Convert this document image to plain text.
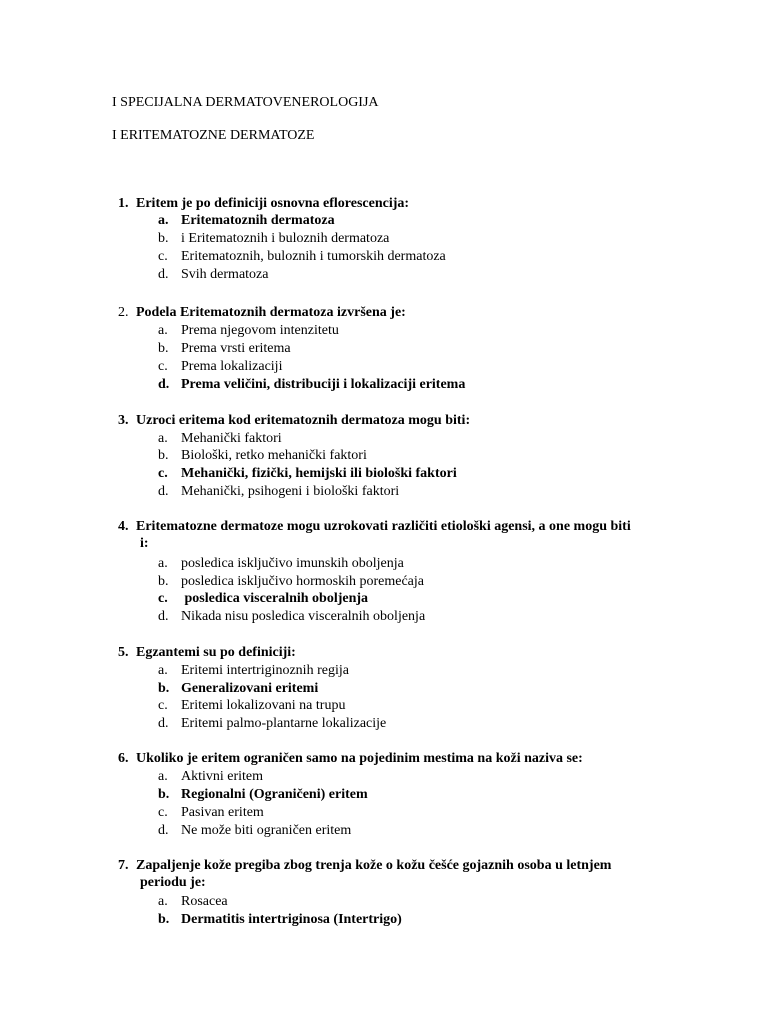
I SPECIJALNA DERMATOVENEROLOGIJA
I ERITEMATOZNE DERMATOZE
1. Eritem je po definiciji osnovna eflorescencija:
a. Eritematoznih dermatoza
b. i Eritematoznih i buloznih dermatoza
c. Eritematoznih, buloznih i tumorskih dermatoza
d. Svih dermatoza
2. Podela Eritematoznih dermatoza izvršena je:
a. Prema njegovom intenzitetu
b. Prema vrsti eritema
c. Prema lokalizaciji
d. Prema veličini, distribuciji i lokalizaciji eritema
3. Uzroci eritema kod eritematoznih dermatoza mogu biti:
a. Mehanički faktori
b. Biološki, retko mehanički faktori
c. Mehanički, fizički, hemijski ili biološki faktori
d. Mehanički, psihogeni i biološki faktori
4. Eritematozne dermatoze mogu uzrokovati različiti etiološki agensi, a one mogu biti
i:
a. posledica isključivo imunskih oboljenja
b. posledica isključivo hormoskih poremećaja
c. posledica visceralnih oboljenja
d. Nikada nisu posledica visceralnih oboljenja
5. Egzantemi su po definiciji:
a. Eritemi intertriginoznih regija
b. Generalizovani eritemi
c. Eritemi lokalizovani na trupu
d. Eritemi palmo-plantarne lokalizacije
6. Ukoliko je eritem ograničen samo na pojedinim mestima na koži naziva se:
a. Aktivni eritem
b. Regionalni (Ograničeni) eritem
c. Pasivan eritem
d. Ne može biti ograničen eritem
7. Zapaljenje kože pregiba zbog trenja kože o kožu češće gojaznih osoba u letnjem
periodu je:
a. Rosacea
b. Dermatitis intertriginosa (Intertrigo)
